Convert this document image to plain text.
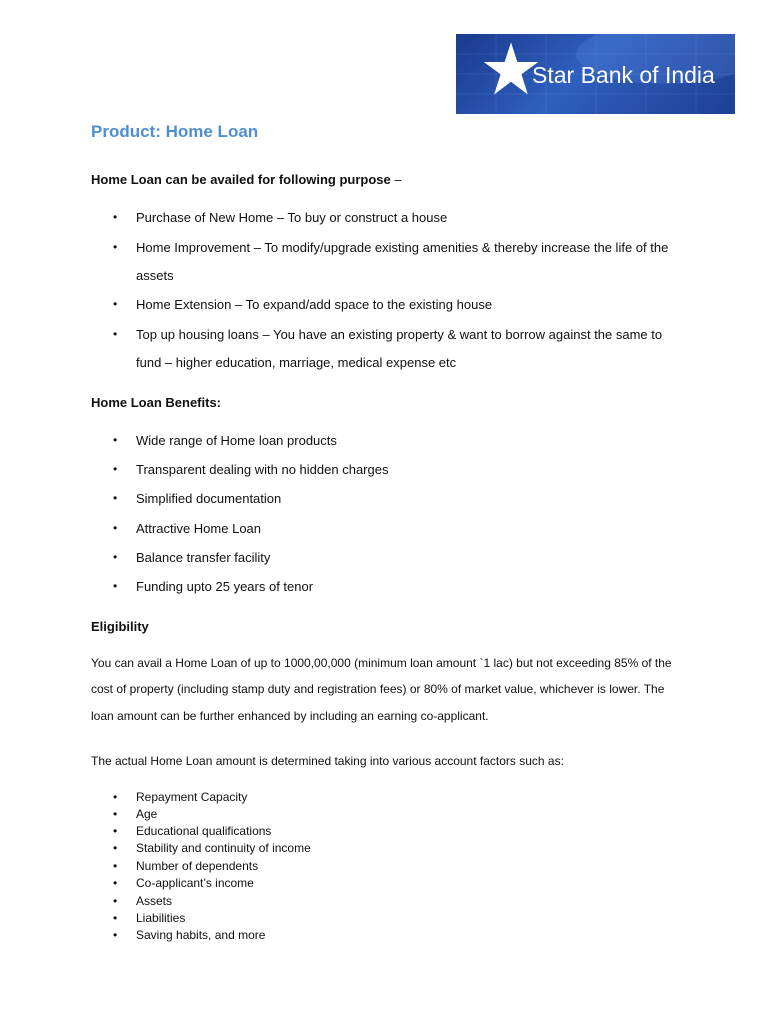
Star Bank of India
Product: Home Loan
Home Loan can be availed for following purpose –
• Purchase of New Home – To buy or construct a house
• Home Improvement – To modify/upgrade existing amenities & thereby increase the life of the
assets
• Home Extension – To expand/add space to the existing house
• Top up housing loans – You have an existing property & want to borrow against the same to
fund – higher education, marriage, medical expense etc
Home Loan Benefits:
• Wide range of Home loan products
• Transparent dealing with no hidden charges
• Simplified documentation
• Attractive Home Loan
• Balance transfer facility
• Funding upto 25 years of tenor
Eligibility
You can avail a Home Loan of up to 1000,00,000 (minimum loan amount `1 lac) but not exceeding 85% of the
cost of property (including stamp duty and registration fees) or 80% of market value, whichever is lower. The
loan amount can be further enhanced by including an earning co-applicant.
The actual Home Loan amount is determined taking into various account factors such as:
• Repayment Capacity
• Age
• Educational qualifications
• Stability and continuity of income
• Number of dependents
• Co-applicant’s income
• Assets
• Liabilities
• Saving habits, and more
